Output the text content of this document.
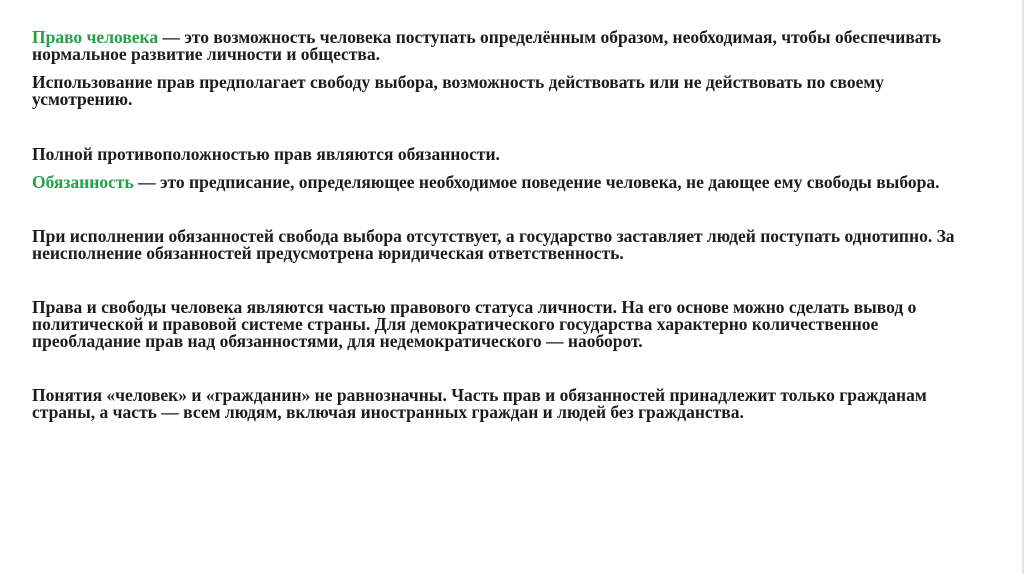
Право человека — это возможность человека поступать определённым образом, необходимая, чтобы обеспечивать нормальное развитие личности и общества.

Использование прав предполагает свободу выбора, возможность действовать или не действовать по своему усмотрению.

Полной противоположностью прав являются обязанности.

Обязанность — это предписание, определяющее необходимое поведение человека, не дающее ему свободы выбора.

При исполнении обязанностей свобода выбора отсутствует, а государство заставляет людей поступать однотипно. За неисполнение обязанностей предусмотрена юридическая ответственность.

Права и свободы человека являются частью правового статуса личности. На его основе можно сделать вывод о политической и правовой системе страны. Для демократического государства характерно количественное преобладание прав над обязанностями, для недемократического — наоборот.

Понятия «человек» и «гражданин» не равнозначны. Часть прав и обязанностей принадлежит только гражданам страны, а часть — всем людям, включая иностранных граждан и людей без гражданства.
